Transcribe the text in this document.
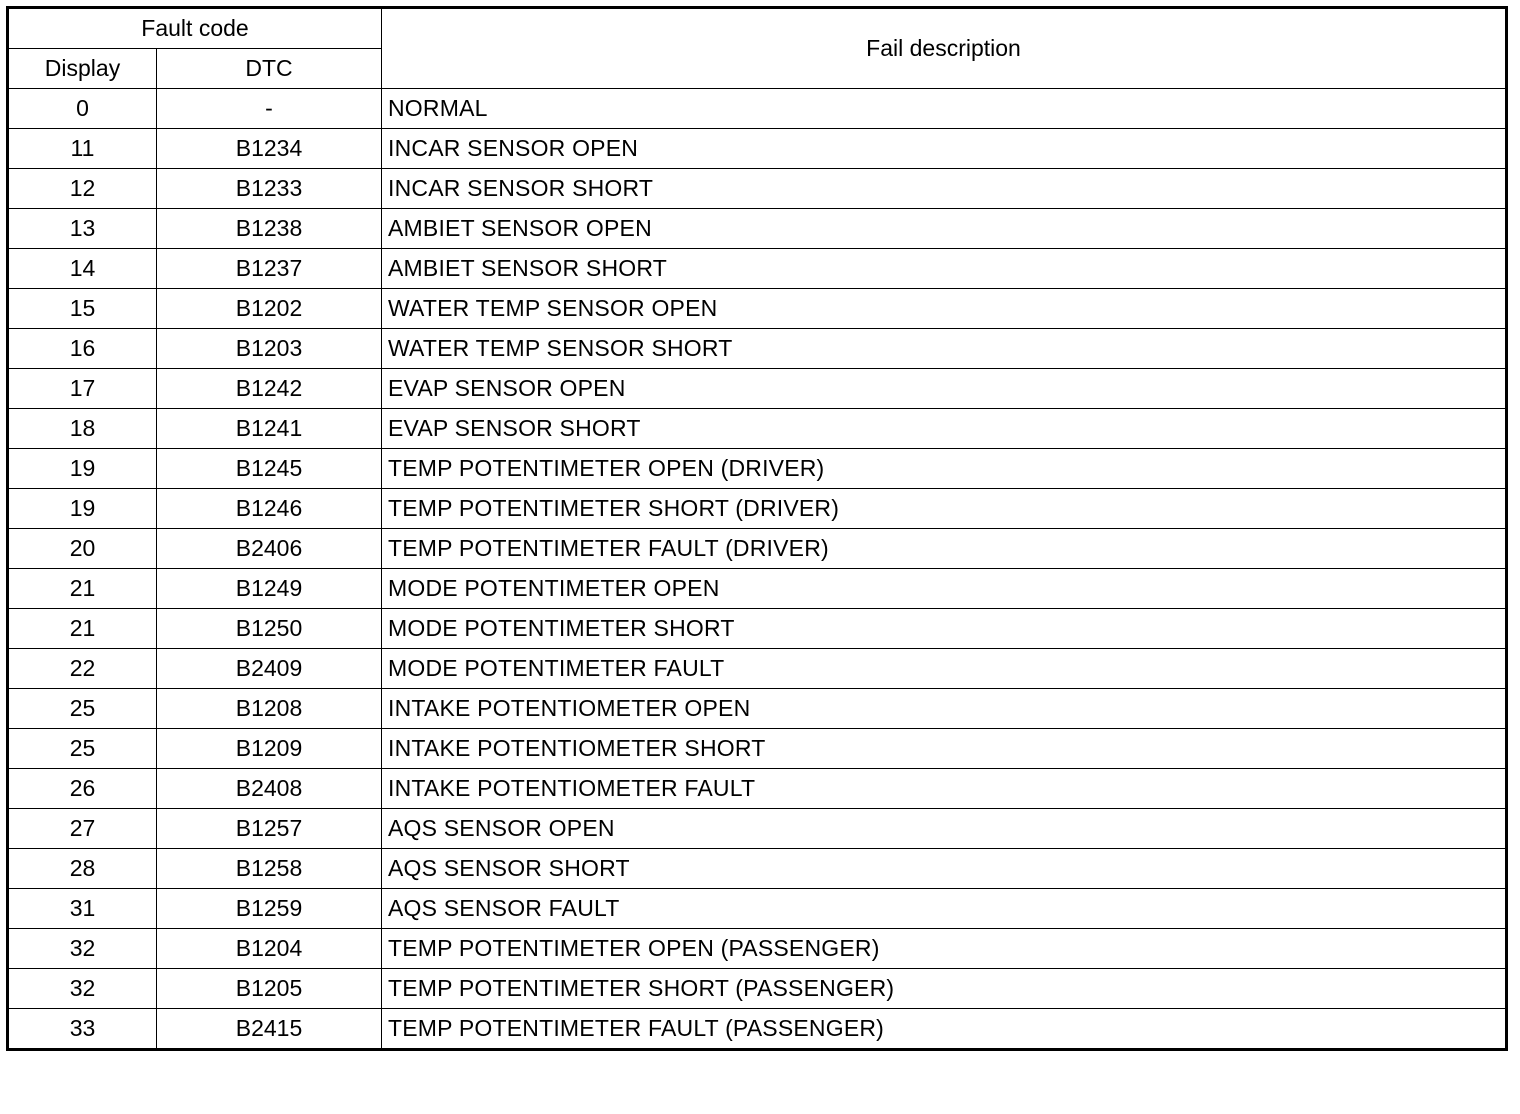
Fault code		Fail description
Display	DTC	
0	-	NORMAL
11	B1234	INCAR SENSOR OPEN
12	B1233	INCAR SENSOR SHORT
13	B1238	AMBIET SENSOR OPEN
14	B1237	AMBIET SENSOR SHORT
15	B1202	WATER TEMP SENSOR OPEN
16	B1203	WATER TEMP SENSOR SHORT
17	B1242	EVAP SENSOR OPEN
18	B1241	EVAP SENSOR SHORT
19	B1245	TEMP POTENTIMETER OPEN (DRIVER)
19	B1246	TEMP POTENTIMETER SHORT (DRIVER)
20	B2406	TEMP POTENTIMETER FAULT (DRIVER)
21	B1249	MODE POTENTIMETER OPEN
21	B1250	MODE POTENTIMETER SHORT
22	B2409	MODE POTENTIMETER FAULT
25	B1208	INTAKE POTENTIOMETER OPEN
25	B1209	INTAKE POTENTIOMETER SHORT
26	B2408	INTAKE POTENTIOMETER FAULT
27	B1257	AQS SENSOR OPEN
28	B1258	AQS SENSOR SHORT
31	B1259	AQS SENSOR FAULT
32	B1204	TEMP POTENTIMETER OPEN (PASSENGER)
32	B1205	TEMP POTENTIMETER SHORT (PASSENGER)
33	B2415	TEMP POTENTIMETER FAULT (PASSENGER)
